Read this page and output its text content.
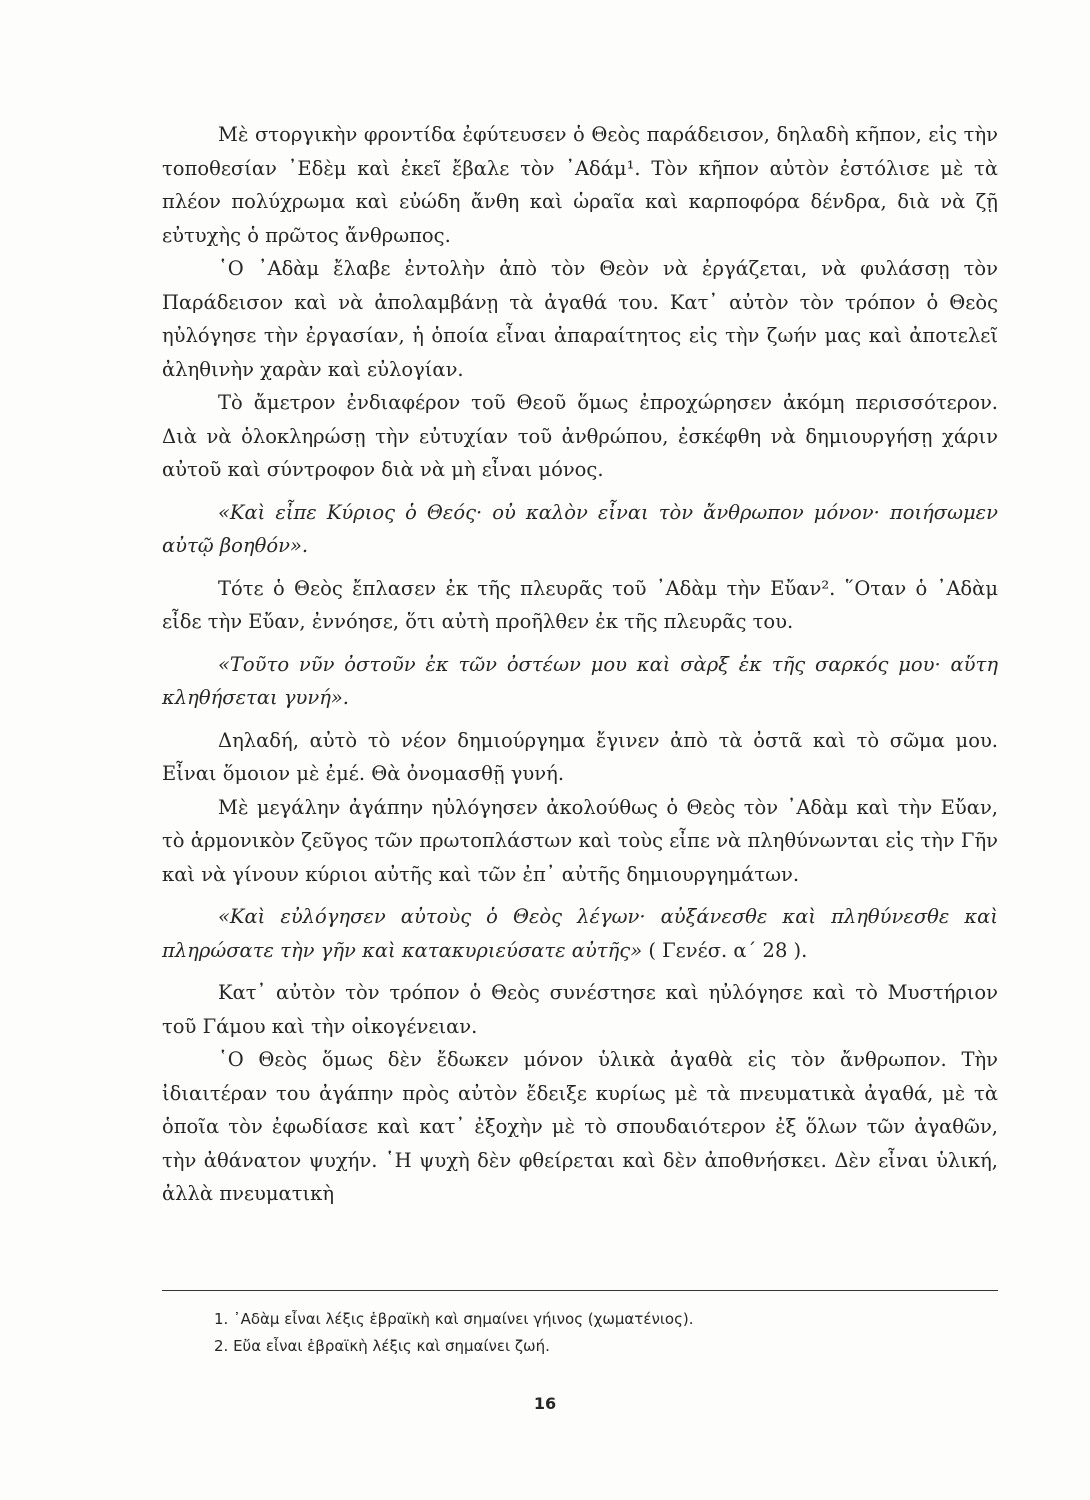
Μὲ στοργικὴν φροντίδα ἐφύτευσεν ὁ Θεὸς παράδεισον, δηλαδὴ κῆπον, εἰς τὴν τοποθεσίαν ᾿Εδὲμ καὶ ἐκεῖ ἔβαλε τὸν ᾿Αδάμ¹. Τὸν κῆπον αὐτὸν ἐστόλισε μὲ τὰ πλέον πολύχρωμα καὶ εὐώδη ἄνθη καὶ ὡραῖα καὶ καρποφόρα δένδρα, διὰ νὰ ζῇ εὐτυχὴς ὁ πρῶτος ἄνθρωπος.

῾Ο ᾿Αδὰμ ἔλαβε ἐντολὴν ἀπὸ τὸν Θεὸν νὰ ἐργάζεται, νὰ φυλάσσῃ τὸν Παράδεισον καὶ νὰ ἀπολαμβάνῃ τὰ ἀγαθά του. Κατ᾿ αὐτὸν τὸν τρόπον ὁ Θεὸς ηὐλόγησε τὴν ἐργασίαν, ἡ ὁποία εἶναι ἀπαραίτητος εἰς τὴν ζωήν μας καὶ ἀποτελεῖ ἀληθινὴν χαρὰν καὶ εὐλογίαν.

Τὸ ἄμετρον ἐνδιαφέρον τοῦ Θεοῦ ὅμως ἐπροχώρησεν ἀκόμη περισσότερον. Διὰ νὰ ὁλοκληρώσῃ τὴν εὐτυχίαν τοῦ ἀνθρώπου, ἐσκέφθη νὰ δημιουργήσῃ χάριν αὐτοῦ καὶ σύντροφον διὰ νὰ μὴ εἶναι μόνος.

«Καὶ εἶπε Κύριος ὁ Θεός· οὐ καλὸν εἶναι τὸν ἄνθρωπον μόνον· ποιήσωμεν αὐτῷ βοηθόν».

Τότε ὁ Θεὸς ἔπλασεν ἐκ τῆς πλευρᾶς τοῦ ᾿Αδὰμ τὴν Εὔαν². ῞Οταν ὁ ᾿Αδὰμ εἶδε τὴν Εὔαν, ἐννόησε, ὅτι αὐτὴ προῆλθεν ἐκ τῆς πλευρᾶς του.

«Τοῦτο νῦν ὀστοῦν ἐκ τῶν ὀστέων μου καὶ σὰρξ ἐκ τῆς σαρκός μου· αὕτη κληθήσεται γυνή».

Δηλαδή, αὐτὸ τὸ νέον δημιούργημα ἔγινεν ἀπὸ τὰ ὀστᾶ καὶ τὸ σῶμα μου. Εἶναι ὅμοιον μὲ ἐμέ. Θὰ ὀνομασθῇ γυνή.

Μὲ μεγάλην ἀγάπην ηὐλόγησεν ἀκολούθως ὁ Θεὸς τὸν ᾿Αδὰμ καὶ τὴν Εὔαν, τὸ ἁρμονικὸν ζεῦγος τῶν πρωτοπλάστων καὶ τοὺς εἶπε νὰ πληθύνωνται εἰς τὴν Γῆν καὶ νὰ γίνουν κύριοι αὐτῆς καὶ τῶν ἐπ᾿ αὐτῆς δημιουργημάτων.

«Καὶ εὐλόγησεν αὐτοὺς ὁ Θεὸς λέγων· αὐξάνεσθε καὶ πληθύνεσθε καὶ πληρώσατε τὴν γῆν καὶ κατακυριεύσατε αὐτῆς» ( Γενέσ. α΄ 28 ).

Κατ᾿ αὐτὸν τὸν τρόπον ὁ Θεὸς συνέστησε καὶ ηὐλόγησε καὶ τὸ Μυστήριον τοῦ Γάμου καὶ τὴν οἰκογένειαν.

῾Ο Θεὸς ὅμως δὲν ἔδωκεν μόνον ὑλικὰ ἀγαθὰ εἰς τὸν ἄνθρωπον. Τὴν ἰδιαιτέραν του ἀγάπην πρὸς αὐτὸν ἔδειξε κυρίως μὲ τὰ πνευματικὰ ἀγαθά, μὲ τὰ ὁποῖα τὸν ἐφωδίασε καὶ κατ᾿ ἐξοχὴν μὲ τὸ σπουδαιότερον ἐξ ὅλων τῶν ἀγαθῶν, τὴν ἀθάνατον ψυχήν. ῾Η ψυχὴ δὲν φθείρεται καὶ δὲν ἀποθνήσκει. Δὲν εἶναι ὑλική, ἀλλὰ πνευματικὴ

1. ᾿Αδὰμ εἶναι λέξις ἑβραϊκὴ καὶ σημαίνει γήινος (χωματένιος).

2. Εὔα εἶναι ἑβραϊκὴ λέξις καὶ σημαίνει ζωή.

16
